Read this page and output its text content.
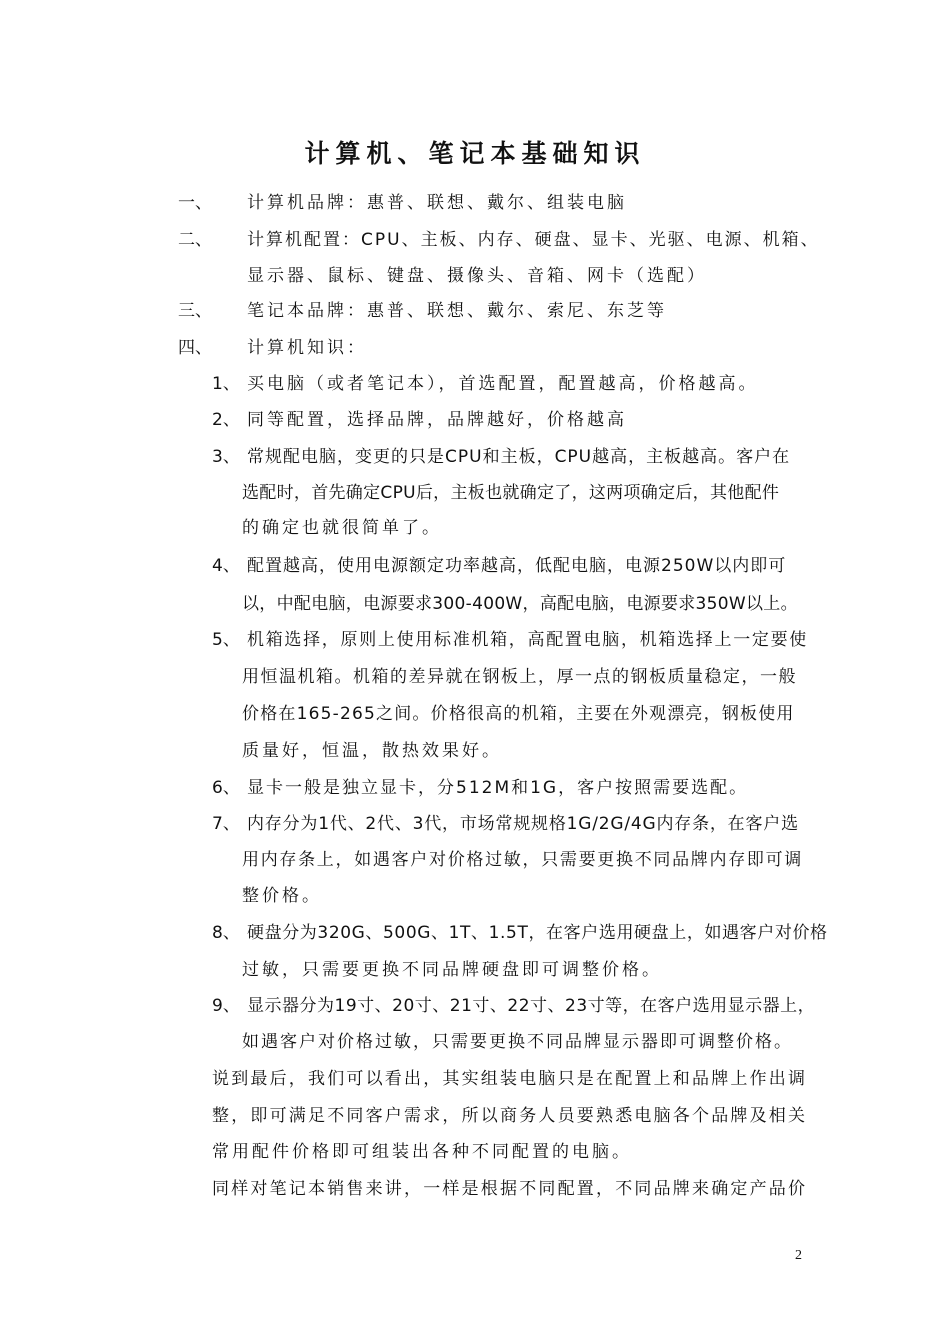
计算机、笔记本基础知识
一、 计算机品牌：惠普、联想、戴尔、组装电脑
二、 计算机配置：CPU、主板、内存、硬盘、显卡、光驱、电源、机箱、
显示器、鼠标、键盘、摄像头、音箱、网卡（选配）
三、 笔记本品牌：惠普、联想、戴尔、索尼、东芝等
四、 计算机知识：
1、 买电脑（或者笔记本），首选配置，配置越高，价格越高。
2、 同等配置，选择品牌，品牌越好，价格越高
3、 常规配电脑，变更的只是CPU和主板，CPU越高，主板越高。客户在
选配时，首先确定CPU后，主板也就确定了，这两项确定后，其他配件
的确定也就很简单了。
4、 配置越高，使用电源额定功率越高，低配电脑，电源250W以内即可
以，中配电脑，电源要求300-400W，高配电脑，电源要求350W以上。
5、 机箱选择，原则上使用标准机箱，高配置电脑，机箱选择上一定要使
用恒温机箱。机箱的差异就在钢板上，厚一点的钢板质量稳定，一般
价格在165-265之间。价格很高的机箱，主要在外观漂亮，钢板使用
质量好，恒温，散热效果好。
6、 显卡一般是独立显卡，分512M和1G，客户按照需要选配。
7、 内存分为1代、2代、3代，市场常规规格1G/2G/4G内存条，在客户选
用内存条上，如遇客户对价格过敏，只需要更换不同品牌内存即可调
整价格。
8、 硬盘分为320G、500G、1T、1.5T，在客户选用硬盘上，如遇客户对价格
过敏，只需要更换不同品牌硬盘即可调整价格。
9、 显示器分为19寸、20寸、21寸、22寸、23寸等，在客户选用显示器上，
如遇客户对价格过敏，只需要更换不同品牌显示器即可调整价格。
说到最后，我们可以看出，其实组装电脑只是在配置上和品牌上作出调
整，即可满足不同客户需求，所以商务人员要熟悉电脑各个品牌及相关
常用配件价格即可组装出各种不同配置的电脑。
同样对笔记本销售来讲，一样是根据不同配置，不同品牌来确定产品价
2
